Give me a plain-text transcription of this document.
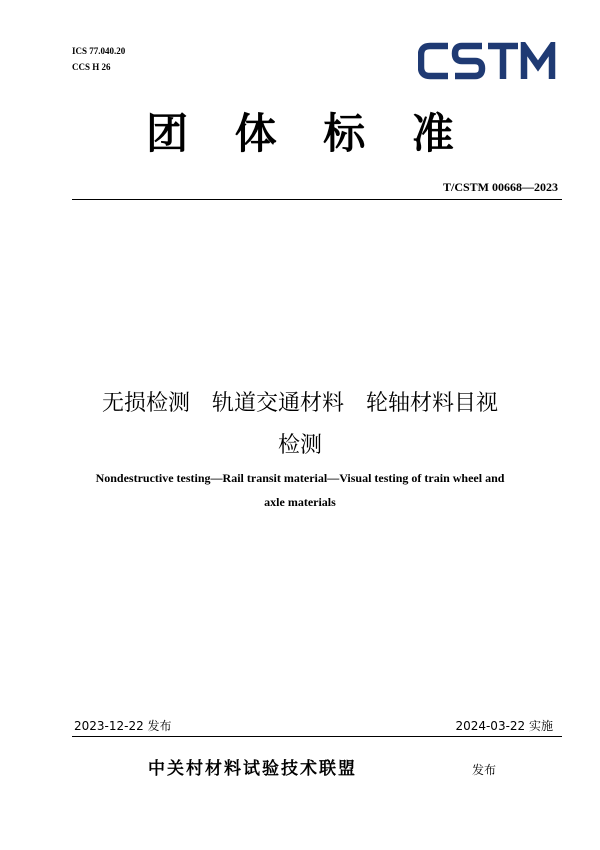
ICS 77.040.20
CCS H 26
CSTM
团 体 标 准
T/CSTM 00668—2023
无损检测　轨道交通材料　轮轴材料目视
检测
Nondestructive testing—Rail transit material—Visual testing of train wheel and
axle materials
2023-12-22 发布	2024-03-22 实施
中关村材料试验技术联盟	发布
